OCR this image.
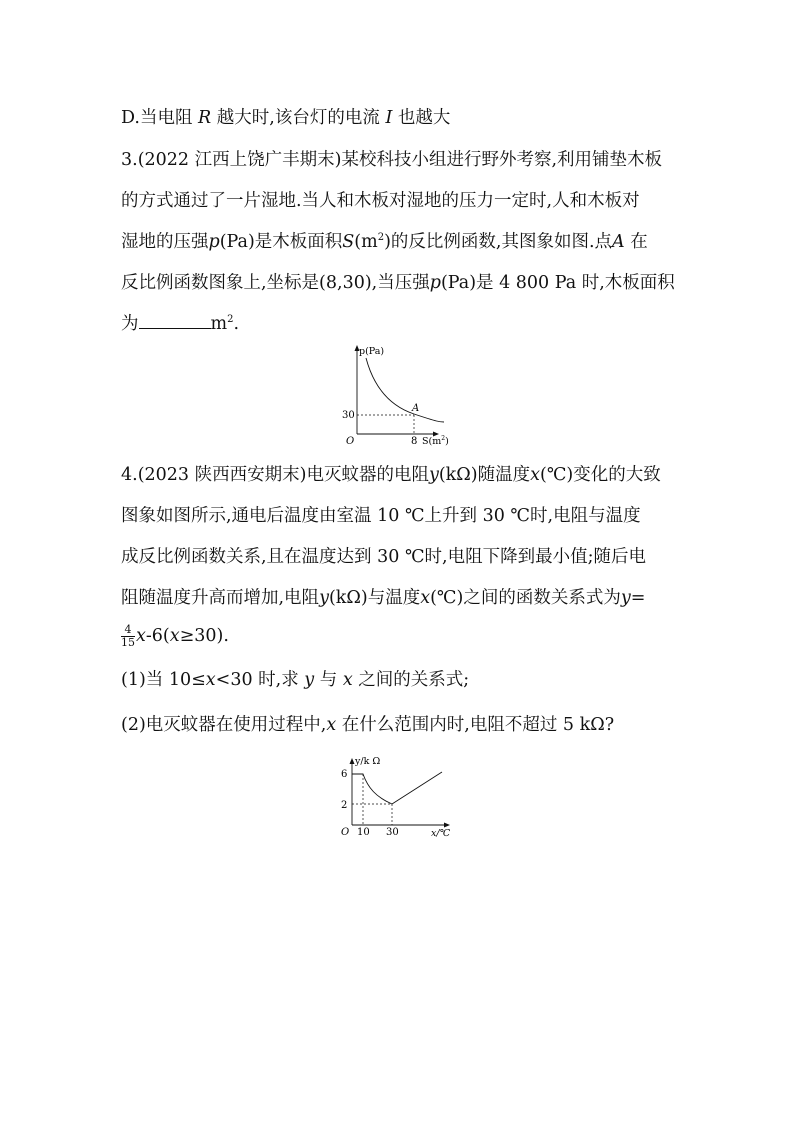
D.当电阻 R 越大时,该台灯的电流 I 也越大
3.(2022 江西上饶广丰期末)某校科技小组进行野外考察,利用铺垫木板
的方式通过了一片湿地.当人和木板对湿地的压力一定时,人和木板对
湿地的压强p(Pa)是木板面积$S(m^2)$的反比例函数,其图象如图.点A 在
反比例函数图象上,坐标是(8,30),当压强p(Pa)是 4 800 Pa 时,木板面积
为	$m^2$.
p(Pa)
30
O	8
A
$S(m^2)$
4.(2023 陕西西安期末)电灭蚊器的电阻y(kΩ)随温度x(℃)变化的大致
图象如图所示,通电后温度由室温 10 ℃上升到 30 ℃时,电阻与温度
成反比例函数关系,且在温度达到 30 ℃时,电阻下降到最小值;随后电
阻随温度升高而增加,电阻y(kΩ)与温度x(℃)之间的函数关系式为y=
$\frac{4}{15} x-6(x\ge 30)$.
(1)当 10≤x<30 时,求 y 与 x 之间的关系式;
(2)电灭蚊器在使用过程中,x 在什么范围内时,电阻不超过 5 kΩ?
y/k Ω
6
2
O 10 30	x/℃
